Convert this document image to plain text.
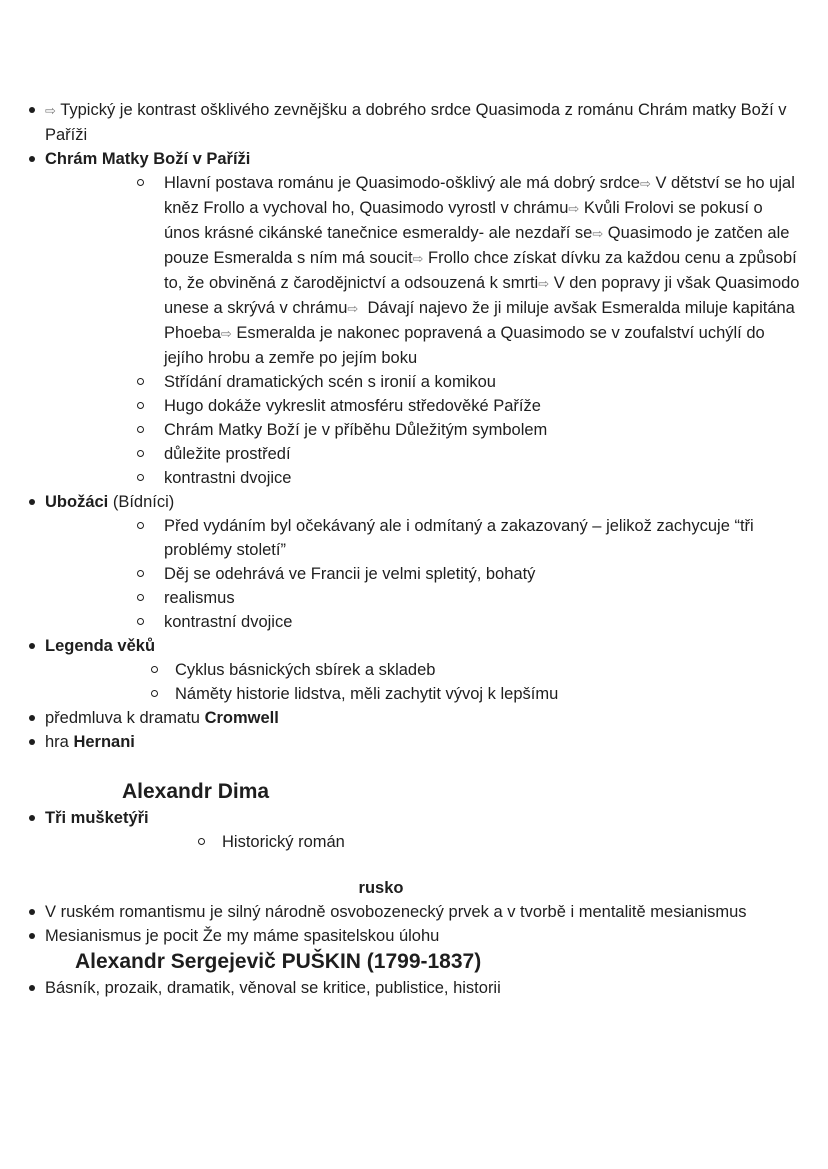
⇨ Typický je kontrast ošklivého zevnějšku a dobrého srdce Quasimoda z románu Chrám matky Boží v Paříži
Chrám Matky Boží v Paříži
Hlavní postava románu je Quasimodo-ošklivý ale má dobrý srdce⇨ V dětství se ho ujal kněz Frollo a vychoval ho, Quasimodo vyrostl v chrámu⇨ Kvůli Frolovi se pokusí o únos krásné cikánské tanečnice esmeraldy- ale nezdaří se⇨ Quasimodo je zatčen ale pouze Esmeralda s ním má soucit⇨ Frollo chce získat dívku za každou cenu a způsobí to, že obviněná z čarodějnictví a odsouzená k smrti⇨ V den popravy ji však Quasimodo unese a skrývá v chrámu⇨  Dávají najevo že ji miluje avšak Esmeralda miluje kapitána Phoeba⇨ Esmeralda je nakonec popravená a Quasimodo se v zoufalství uchýlí do jejího hrobu a zemře po jejím boku
Střídání dramatických scén s ironií a komikou
Hugo dokáže vykreslit atmosféru středověké Paříže
Chrám Matky Boží je v příběhu Důležitým symbolem
důležite prostředí
kontrastni dvojice
Ubožáci (Bídníci)
Před vydáním byl očekávaný ale i odmítaný a zakazovaný – jelikož zachycuje “tři problémy století”
Děj se odehrává ve Francii je velmi spletitý, bohatý
realismus
kontrastní dvojice
Legenda věků
Cyklus básnických sbírek a skladeb
Náměty historie lidstva, měli zachytit vývoj k lepšímu
předmluva k dramatu Cromwell
hra Hernani
Alexandr Dima
Tři mušketýři
Historický román
rusko
V ruském romantismu je silný národně osvobozenecký prvek a v tvorbě i mentalitě mesianismus
Mesianismus je pocit Že my máme spasitelskou úlohu
Alexandr Sergejevič PUŠKIN (1799-1837)
Básník, prozaik, dramatik, věnoval se kritice, publistice, historii
